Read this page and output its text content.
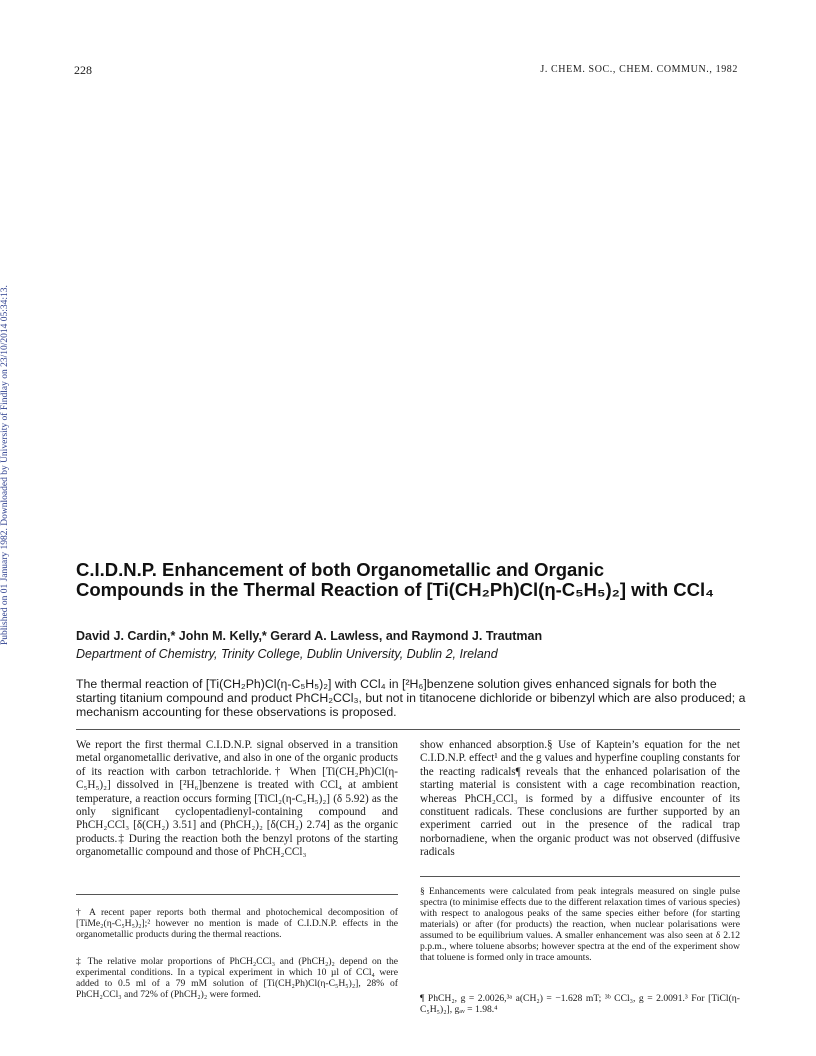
228	J. CHEM. SOC., CHEM. COMMUN., 1982
Published on 01 January 1982. Downloaded by University of Findlay on 23/10/2014 05:34:13.	C.I.D.N.P. Enhancement of both Organometallic and Organic
Compounds in the Thermal Reaction of [Ti(CH₂Ph)Cl(η-C₅H₅)₂] with CCl₄
David J. Cardin,* John M. Kelly,* Gerard A. Lawless, and Raymond J. Trautman
Department of Chemistry, Trinity College, Dublin University, Dublin 2, Ireland
The thermal reaction of [Ti(CH₂Ph)Cl(η-C₅H₅)₂] with CCl₄ in [²H₆]benzene solution gives enhanced signals for both the starting titanium compound and product PhCH₂CCl₃, but not in titanocene dichloride or bibenzyl which are also produced; a mechanism accounting for these observations is proposed.
We report the first thermal C.I.D.N.P. signal observed in a transition metal organometallic derivative, and also in one of the organic products of its reaction with carbon tetrachloride.† When [Ti(CH₂Ph)Cl(η-C₅H₅)₂] dissolved in [²H₆]benzene is treated with CCl₄ at ambient temperature, a reaction occurs forming [TiCl₂(η-C₅H₅)₂] (δ 5.92) as the only significant cyclopentadienyl-containing compound and PhCH₂CCl₃ [δ(CH₂) 3.51] and (PhCH₂)₂ [δ(CH₂) 2.74] as the organic products.‡ During the reaction both the benzyl protons of the starting organometallic compound and those of PhCH₂CCl₃
show enhanced absorption.§ Use of Kaptein’s equation for the net C.I.D.N.P. effect¹ and the g values and hyperfine coupling constants for the reacting radicals¶ reveals that the enhanced polarisation of the starting material is consistent with a cage recombination reaction, whereas PhCH₂CCl₃ is formed by a diffusive encounter of its constituent radicals. These conclusions are further supported by an experiment carried out in the presence of the radical trap norbornadiene, when the organic product was not observed (diffusive radicals
† A recent paper reports both thermal and photochemical decomposition of [TiMe₂(η-C₅H₅)₂];² however no mention is made of C.I.D.N.P. effects in the organometallic products during the thermal reactions.
‡ The relative molar proportions of PhCH₂CCl₃ and (PhCH₂)₂ depend on the experimental conditions. In a typical experiment in which 10 µl of CCl₄ were added to 0.5 ml of a 79 mM solution of [Ti(CH₂Ph)Cl(η-C₅H₅)₂], 28% of PhCH₂CCl₃ and 72% of (PhCH₂)₂ were formed.
§ Enhancements were calculated from peak integrals measured on single pulse spectra (to minimise effects due to the different relaxation times of various species) with respect to analogous peaks of the same species either before (for starting materials) or after (for products) the reaction, when nuclear polarisations were assumed to be equilibrium values. A smaller enhancement was also seen at δ 2.12 p.p.m., where toluene absorbs; however spectra at the end of the experiment show that toluene is formed only in trace amounts.
¶ PhCH₂, g = 2.0026,³ᵃ a(CH₂) = −1.628 mT; ³ᵇ CCl₃, g = 2.0091.³ For [TiCl(η-C₅H₅)₂], gₐᵥ = 1.98.⁴
